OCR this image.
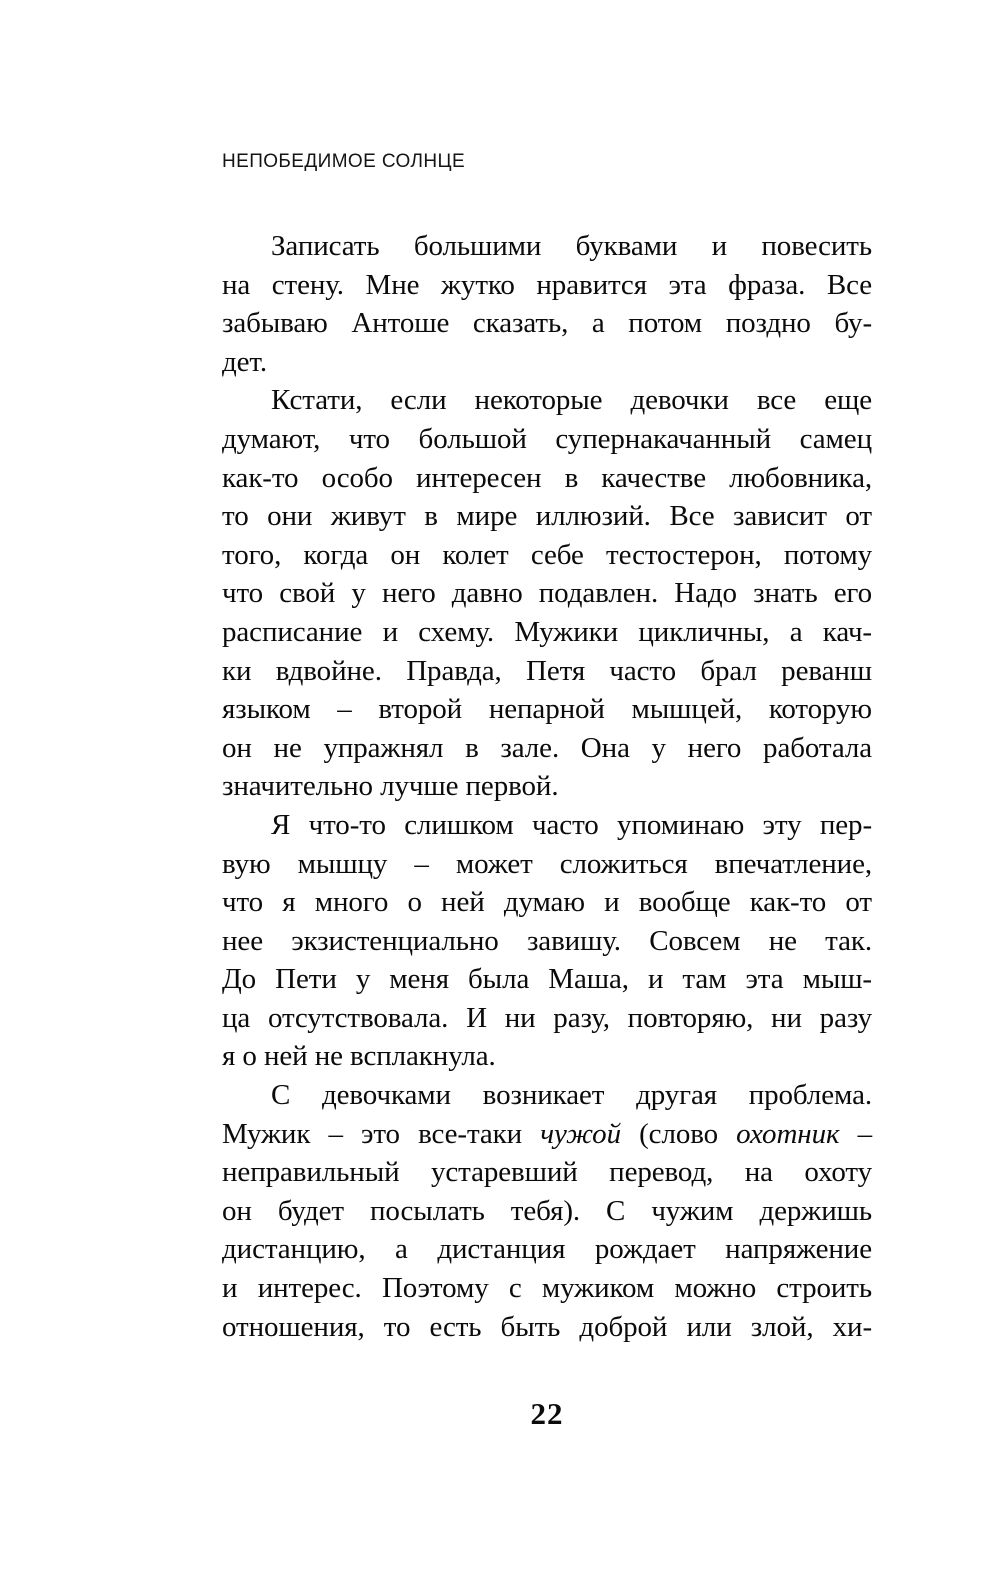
НЕПОБЕДИМОЕ СОЛНЦЕ
Записать большими буквами и повесить
на стену. Мне жутко нравится эта фраза. Все
забываю Антоше сказать, а потом поздно бу-
дет.
Кстати, если некоторые девочки все еще
думают, что большой супернакачанный самец
как-то особо интересен в качестве любовника,
то они живут в мире иллюзий. Все зависит от
того, когда он колет себе тестостерон, потому
что свой у него давно подавлен. Надо знать его
расписание и схему. Мужики цикличны, а кач-
ки вдвойне. Правда, Петя часто брал реванш
языком – второй непарной мышцей, которую
он не упражнял в зале. Она у него работала
значительно лучше первой.
Я что-то слишком часто упоминаю эту пер-
вую мышцу – может сложиться впечатление,
что я много о ней думаю и вообще как-то от
нее экзистенциально завишу. Совсем не так.
До Пети у меня была Маша, и там эта мыш-
ца отсутствовала. И ни разу, повторяю, ни разу
я о ней не всплакнула.
С девочками возникает другая проблема.
Мужик – это все-таки чужой (слово охотник –
неправильный устаревший перевод, на охоту
он будет посылать тебя). С чужим держишь
дистанцию, а дистанция рождает напряжение
и интерес. Поэтому с мужиком можно строить
отношения, то есть быть доброй или злой, хи-
22
